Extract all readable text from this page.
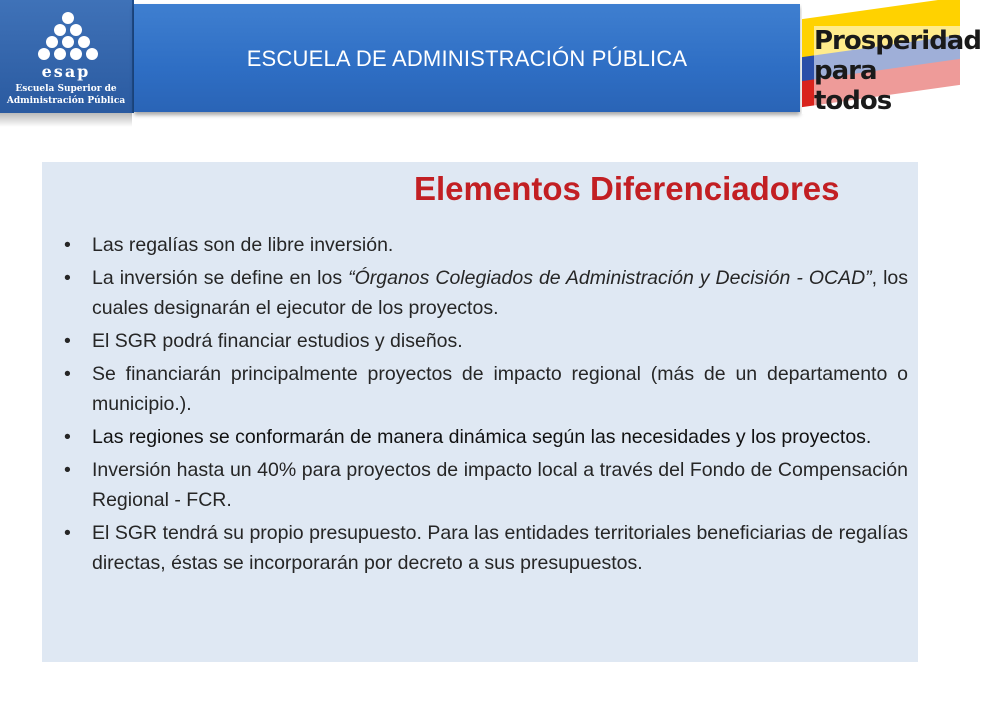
esap
Escuela Superior de
Administración Pública
ESCUELA DE ADMINISTRACIÓN PÚBLICA
Prosperidad
para todos
Elementos Diferenciadores
• Las regalías son de libre inversión.
• La inversión se define en los “Órganos Colegiados de Administración y Decisión - OCAD”, los cuales designarán el ejecutor de los proyectos.
• El SGR podrá financiar estudios y diseños.
• Se financiarán principalmente proyectos de impacto regional (más de un departamento o municipio.).
• Las regiones se conformarán de manera dinámica según las necesidades y los proyectos.
• Inversión hasta un 40% para proyectos de impacto local a través del Fondo de Compensación Regional - FCR.
• El SGR tendrá su propio presupuesto. Para las entidades territoriales beneficiarias de regalías directas, éstas se incorporarán por decreto a sus presupuestos.
